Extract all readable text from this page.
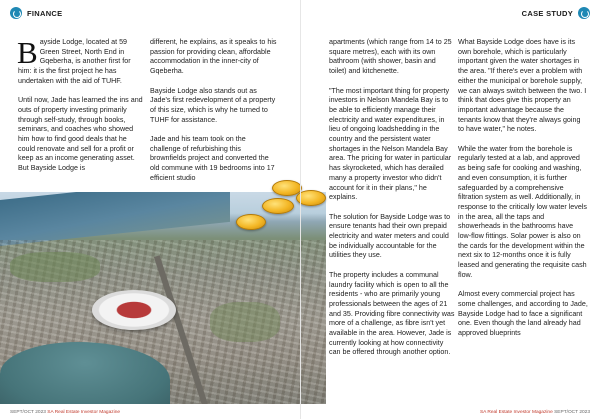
FINANCE

Bayside Lodge, located at 59 Green Street, North End in Gqeberha, is another first for him: it is the first project he has undertaken with the aid of TUHF.

Until now, Jade has learned the ins and outs of property investing primarily through self-study, through books, seminars, and coaches who showed him how to find good deals that he could renovate and sell for a profit or keep as an income generating asset. But Bayside Lodge is

different, he explains, as it speaks to his passion for providing clean, affordable accommodation in the inner-city of Gqeberha.

Bayside Lodge also stands out as Jade's first redevelopment of a property of this size, which is why he turned to TUHF for assistance.

Jade and his team took on the challenge of refurbishing this brownfields project and converted the old commune with 19 bedrooms into 17 efficient studio

SEPT/OCT 2023 SA Real Estate Investor Magazine
CASE STUDY

apartments (which range from 14 to 25 square metres), each with its own bathroom (with shower, basin and toilet) and kitchenette.

"The most important thing for property investors in Nelson Mandela Bay is to be able to efficiently manage their electricity and water expenditures, in lieu of ongoing loadshedding in the country and the persistent water shortages in the Nelson Mandela Bay area. The pricing for water in particular has skyrocketed, which has derailed many a property investor who didn't account for it in their plans," he explains.

The solution for Bayside Lodge was to ensure tenants had their own prepaid electricity and water meters and could be individually accountable for the utilities they use.

The property includes a communal laundry facility which is open to all the residents - who are primarily young professionals between the ages of 21 and 35. Providing fibre connectivity was more of a challenge, as fibre isn't yet available in the area. However, Jade is currently looking at how connectivity can be offered through another option.

What Bayside Lodge does have is its own borehole, which is particularly important given the water shortages in the area. "If there's ever a problem with either the municipal or borehole supply, we can always switch between the two. I think that does give this property an important advantage because the tenants know that they're always going to have water," he notes.

While the water from the borehole is regularly tested at a lab, and approved as being safe for cooking and washing, and even consumption, it is further safeguarded by a comprehensive filtration system as well. Additionally, in response to the critically low water levels in the area, all the taps and showerheads in the bathrooms have low-flow fittings. Solar power is also on the cards for the development within the next six to 12-months once it is fully leased and generating the requisite cash flow.

Almost every commercial project has some challenges, and according to Jade, Bayside Lodge had to face a significant one. Even though the land already had approved blueprints

SA Real Estate Investor Magazine SEPT/OCT 2023
